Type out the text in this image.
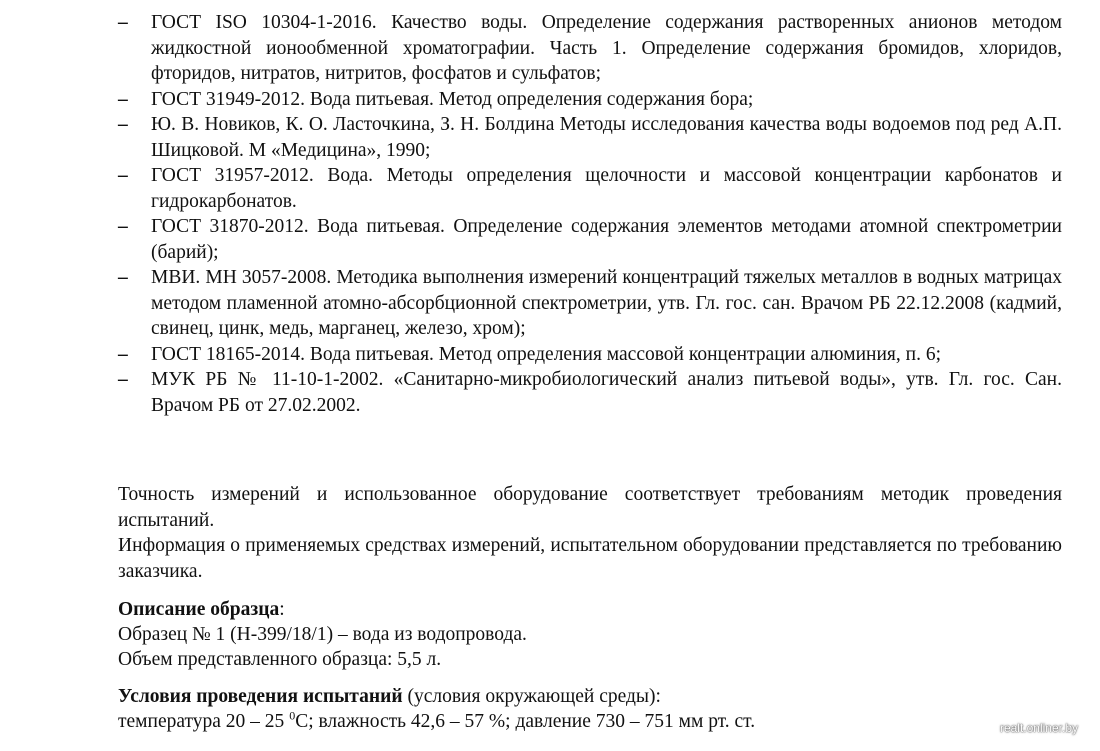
– ГОСТ ISO 10304-1-2016. Качество воды. Определение содержания растворенных анионов методом жидкостной ионообменной хроматографии. Часть 1. Определение содержания бромидов, хлоридов, фторидов, нитратов, нитритов, фосфатов и сульфатов;
– ГОСТ 31949-2012. Вода питьевая. Метод определения содержания бора;
– Ю. В. Новиков, К. О. Ласточкина, З. Н. Болдина Методы исследования качества воды водоемов под ред А.П. Шицковой. М «Медицина», 1990;
– ГОСТ 31957-2012. Вода. Методы определения щелочности и массовой концентрации карбонатов и гидрокарбонатов.
– ГОСТ 31870-2012. Вода питьевая. Определение содержания элементов методами атомной спектрометрии (барий);
– МВИ. МН 3057-2008. Методика выполнения измерений концентраций тяжелых металлов в водных матрицах методом пламенной атомно-абсорбционной спектрометрии, утв. Гл. гос. сан. Врачом РБ 22.12.2008 (кадмий, свинец, цинк, медь, марганец, железо, хром);
– ГОСТ 18165-2014. Вода питьевая. Метод определения массовой концентрации алюминия, п. 6;
– МУК РБ № 11-10-1-2002. «Санитарно-микробиологический анализ питьевой воды», утв. Гл. гос. Сан. Врачом РБ от 27.02.2002.

Точность измерений и использованное оборудование соответствует требованиям методик проведения испытаний.

Информация о применяемых средствах измерений, испытательном оборудовании представляется по требованию заказчика.

Описание образца:

Образец № 1 (Н-399/18/1) – вода из водопровода.

Объем представленного образца: 5,5 л.

Условия проведения испытаний (условия окружающей среды):

температура 20 – 25 $^0$С; влажность 42,6 – 57 %; давление 730 – 751 мм рт. ст.	realt.onliner.by
